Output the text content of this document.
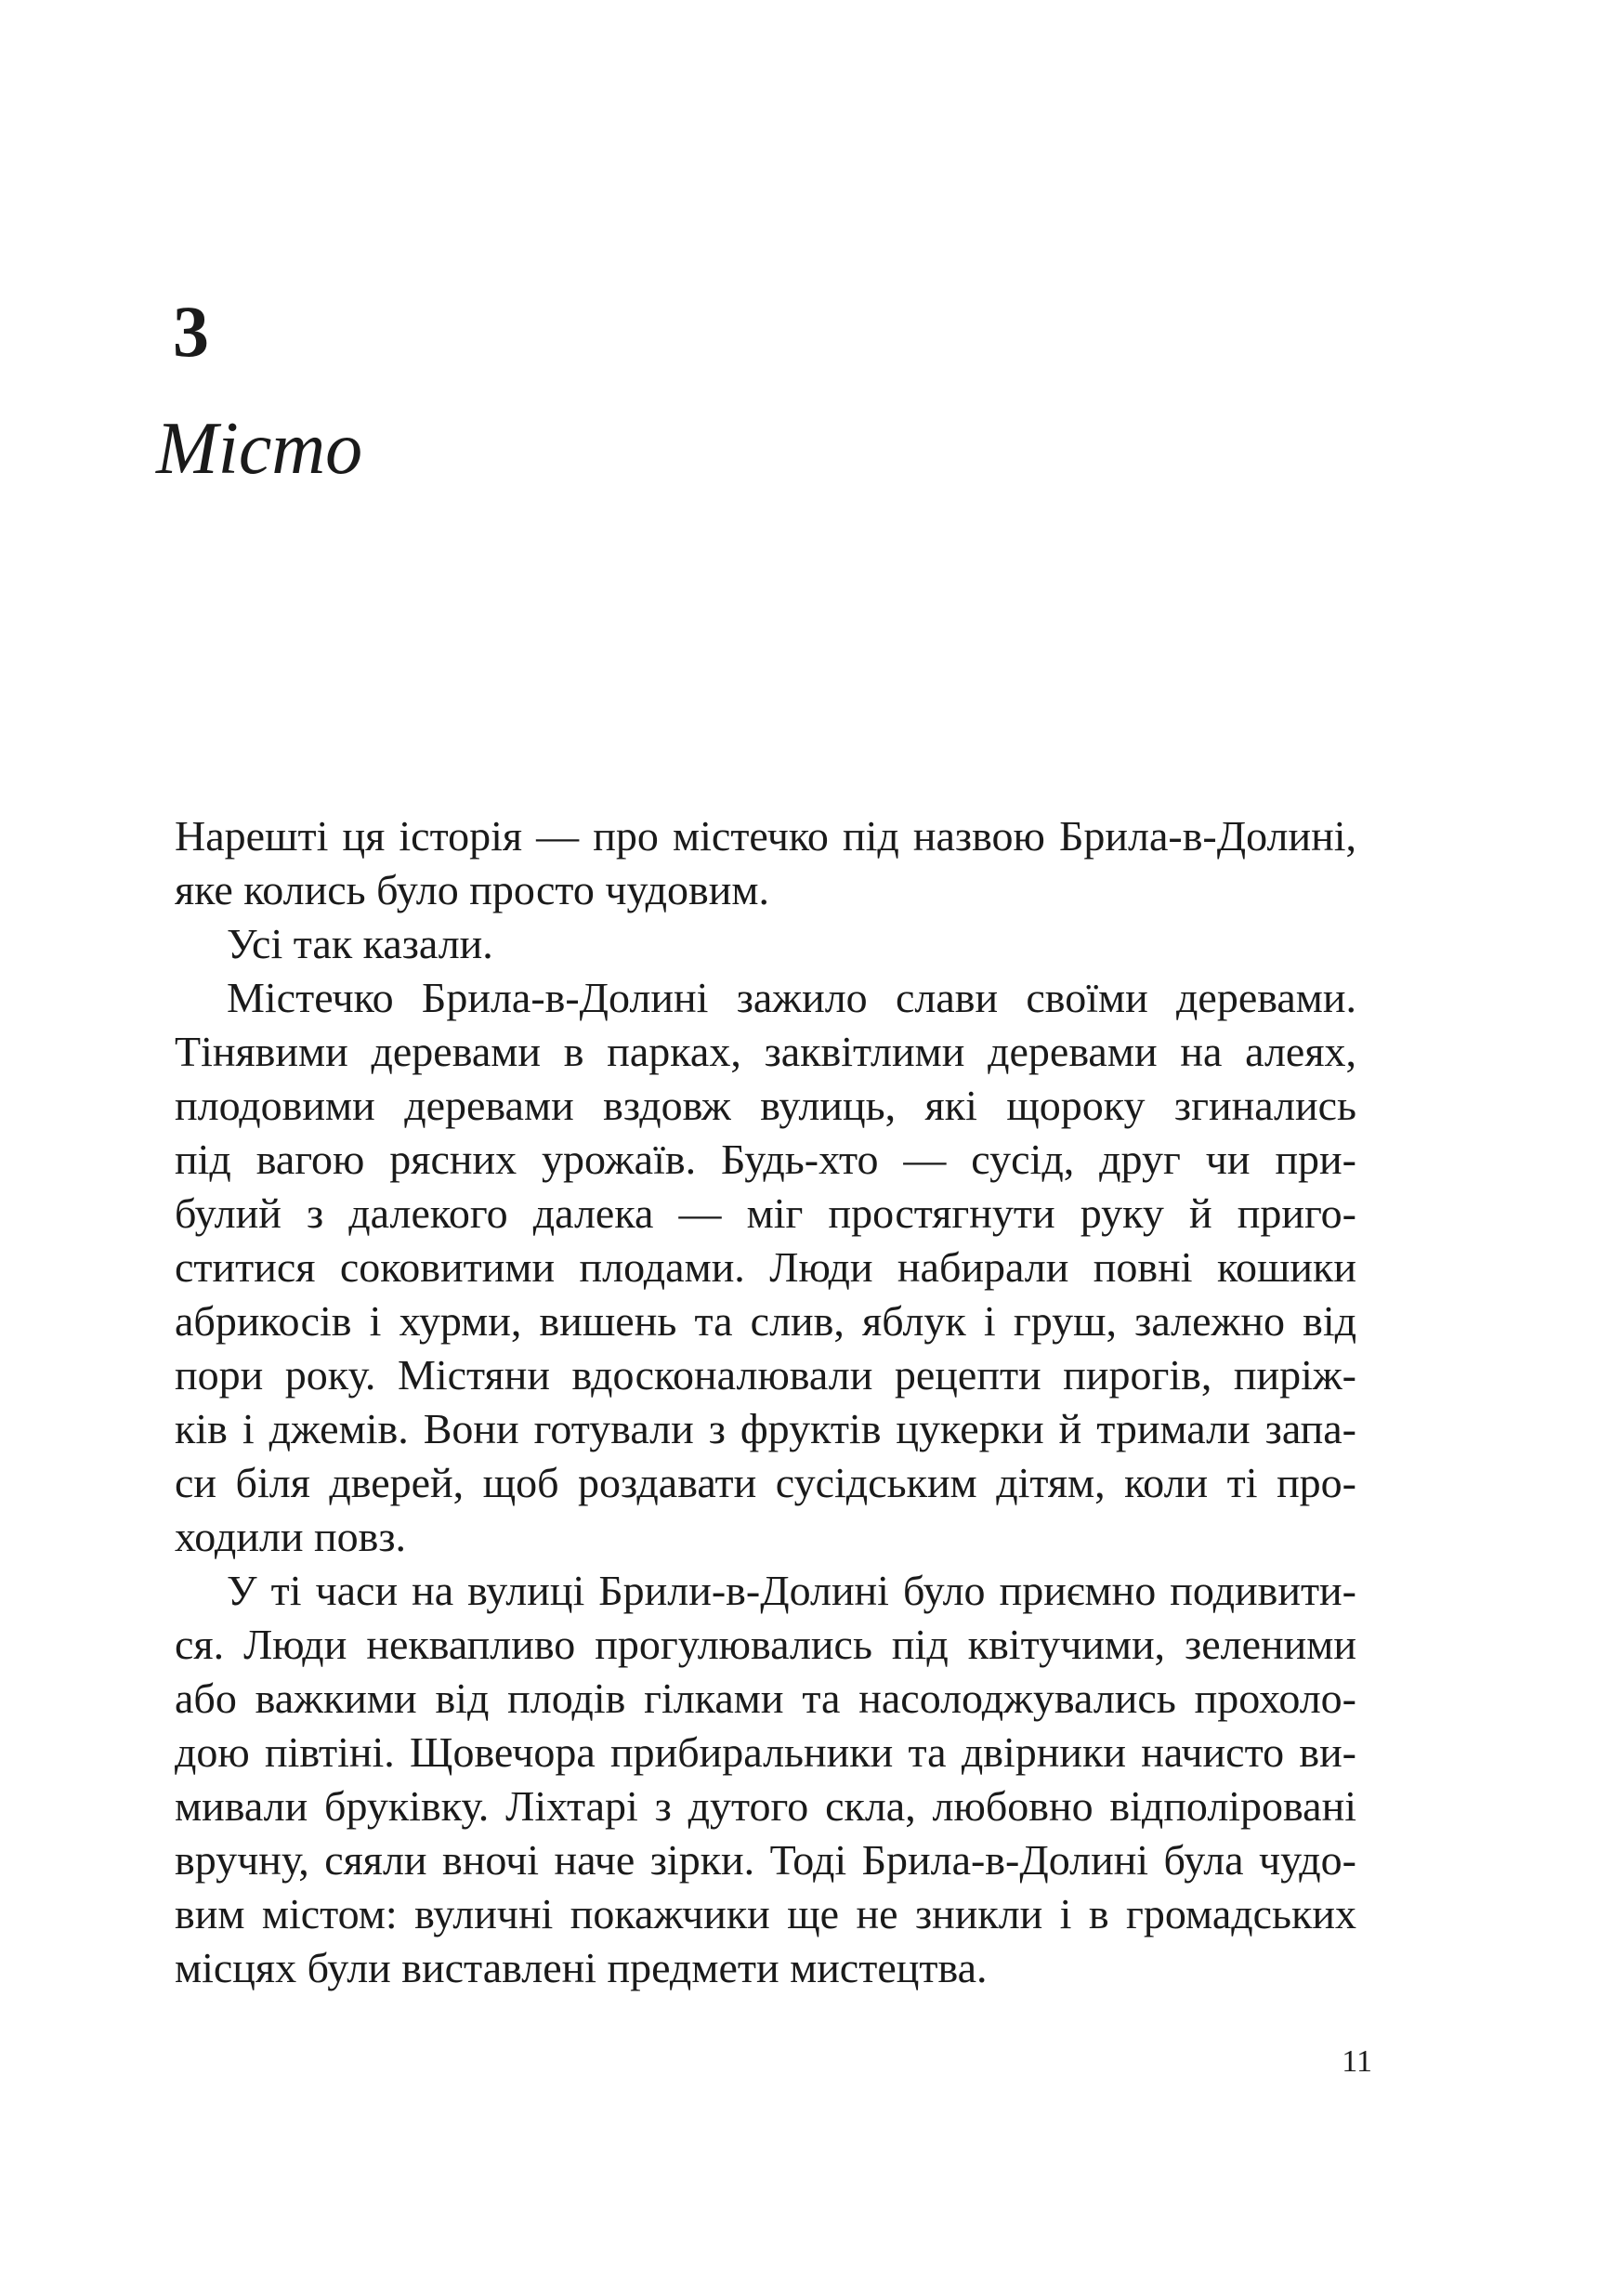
3
Місто
Нарешті ця історія — про містечко під назвою Брила-в-Долині,
яке колись було просто чудовим.
Усі так казали.
Містечко Брила-в-Долині зажило слави своїми деревами.
Тінявими деревами в парках, заквітлими деревами на алеях,
плодовими деревами вздовж вулиць, які щороку згинались
під вагою рясних урожаїв. Будь-хто — сусід, друг чи при-
булий з далекого далека — міг простягнути руку й приго-
ститися соковитими плодами. Люди набирали повні кошики
абрикосів і хурми, вишень та слив, яблук і груш, залежно від
пори року. Містяни вдосконалювали рецепти пирогів, пиріж-
ків і джемів. Вони готували з фруктів цукерки й тримали запа-
си біля дверей, щоб роздавати сусідським дітям, коли ті про-
ходили повз.
У ті часи на вулиці Брили-в-Долині було приємно подивити-
ся. Люди неквапливо прогулювались під квітучими, зеленими
або важкими від плодів гілками та насолоджувались прохоло-
дою півтіні. Щовечора прибиральники та двірники начисто ви-
мивали бруківку. Ліхтарі з дутого скла, любовно відполіровані
вручну, сяяли вночі наче зірки. Тоді Брила-в-Долині була чудо-
вим містом: вуличні покажчики ще не зникли і в громадських
місцях були виставлені предмети мистецтва.
11
